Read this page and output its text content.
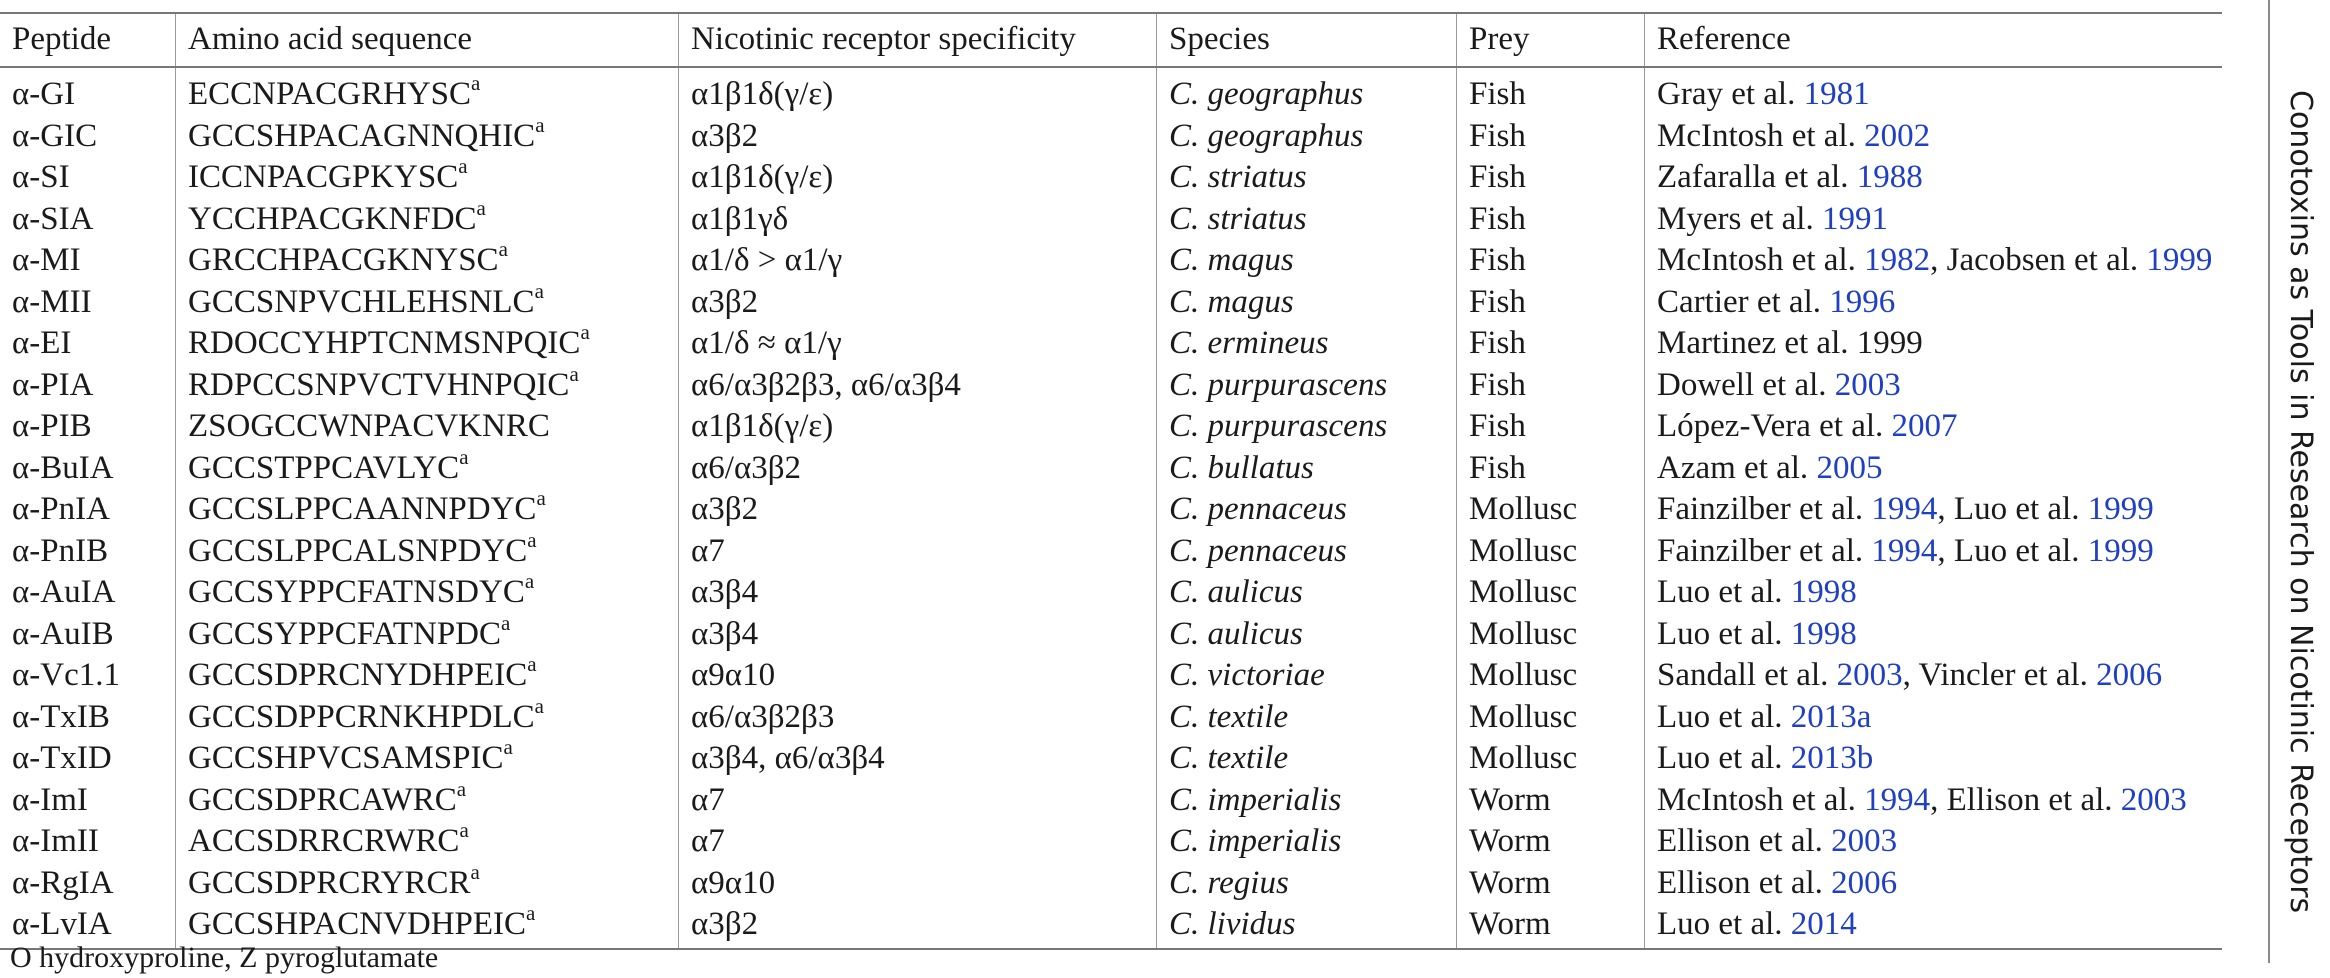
Peptide	Amino acid sequence	Nicotinic receptor specificity	Species	Prey	Reference
α-GI	ECCNPACGRHYSC$^a$	α1β1δ(γ/ε)	C. geographus	Fish	Gray et al. 1981
α-GIC	GCCSHPACAGNNQHIC$^a$	α3β2	C. geographus	Fish	McIntosh et al. 2002
α-SI	ICCNPACGPKYSC$^a$	α1β1δ(γ/ε)	C. striatus	Fish	Zafaralla et al. 1988
α-SIA	YCCHPACGKNFDC$^a$	α1β1γδ	C. striatus	Fish	Myers et al. 1991
α-MI	GRCCHPACGKNYSC$^a$	α1/δ > α1/γ	C. magus	Fish	McIntosh et al. 1982, Jacobsen et al. 1999
α-MII	GCCSNPVCHLEHSNLC$^a$	α3β2	C. magus	Fish	Cartier et al. 1996
α-EI	RDOCCYHPTCNMSNPQIC$^a$	α1/δ ≈ α1/γ	C. ermineus	Fish	Martinez et al. 1999
α-PIA	RDPCCSNPVCTVHNPQIC$^a$	α6/α3β2β3, α6/α3β4	C. purpurascens	Fish	Dowell et al. 2003
α-PIB	ZSOGCCWNPACVKNRC	α1β1δ(γ/ε)	C. purpurascens	Fish	López-Vera et al. 2007
α-BuIA	GCCSTPPCAVLYC$^a$	α6/α3β2	C. bullatus	Fish	Azam et al. 2005
α-PnIA	GCCSLPPCAANNPDYC$^a$	α3β2	C. pennaceus	Mollusc	Fainzilber et al. 1994, Luo et al. 1999
α-PnIB	GCCSLPPCALSNPDYC$^a$	α7	C. pennaceus	Mollusc	Fainzilber et al. 1994, Luo et al. 1999
α-AuIA	GCCSYPPCFATNSDYC$^a$	α3β4	C. aulicus	Mollusc	Luo et al. 1998
α-AuIB	GCCSYPPCFATNPDC$^a$	α3β4	C. aulicus	Mollusc	Luo et al. 1998
α-Vc1.1	GCCSDPRCNYDHPEIC$^a$	α9α10	C. victoriae	Mollusc	Sandall et al. 2003, Vincler et al. 2006
α-TxIB	GCCSDPPCRNKHPDLC$^a$	α6/α3β2β3	C. textile	Mollusc	Luo et al. 2013a
α-TxID	GCCSHPVCSAMSPIC$^a$	α3β4, α6/α3β4	C. textile	Mollusc	Luo et al. 2013b
α-ImI	GCCSDPRCAWRC$^a$	α7	C. imperialis	Worm	McIntosh et al. 1994, Ellison et al. 2003
α-ImII	ACCSDRRCRWRC$^a$	α7	C. imperialis	Worm	Ellison et al. 2003
α-RgIA	GCCSDPRCRYRCR$^a$	α9α10	C. regius	Worm	Ellison et al. 2006
α-LvIA	GCCSHPACNVDHPEIC$^a$	α3β2	C. lividus	Worm	Luo et al. 2014
O hydroxyproline, Z pyroglutamate
Conotoxins as Tools in Research on Nicotinic Receptors
